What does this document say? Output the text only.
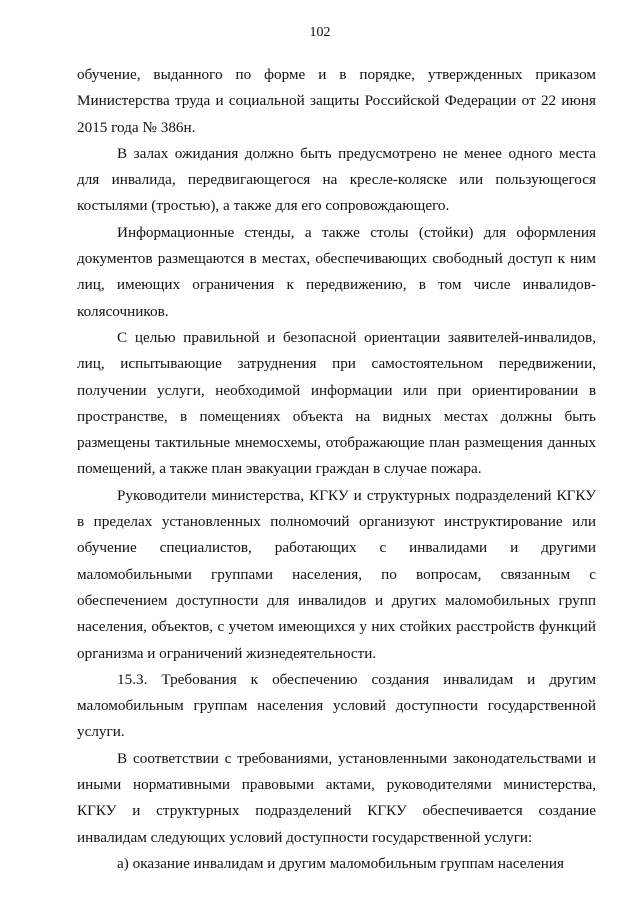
102

обучение, выданного по форме и в порядке, утвержденных приказом Министерства труда и социальной защиты Российской Федерации от 22 июня 2015 года № 386н.

В залах ожидания должно быть предусмотрено не менее одного места для инвалида, передвигающегося на кресле-коляске или пользующегося костылями (тростью), а также для его сопровождающего.

Информационные стенды, а также столы (стойки) для оформления документов размещаются в местах, обеспечивающих свободный доступ к ним лиц, имеющих ограничения к передвижению, в том числе инвалидов-колясочников.

С целью правильной и безопасной ориентации заявителей-инвалидов, лиц, испытывающие затруднения при самостоятельном передвижении, получении услуги, необходимой информации или при ориентировании в пространстве, в помещениях объекта на видных местах должны быть размещены тактильные мнемосхемы, отображающие план размещения данных помещений, а также план эвакуации граждан в случае пожара.

Руководители министерства, КГКУ и структурных подразделений КГКУ в пределах установленных полномочий организуют инструктирование или обучение специалистов, работающих с инвалидами и другими маломобильными группами населения, по вопросам, связанным с обеспечением доступности для инвалидов и других маломобильных групп населения, объектов, с учетом имеющихся у них стойких расстройств функций организма и ограничений жизнедеятельности.

15.3. Требования к обеспечению создания инвалидам и другим маломобильным группам населения условий доступности государственной услуги.

В соответствии с требованиями, установленными законодательствами и иными нормативными правовыми актами, руководителями министерства, КГКУ и структурных подразделений КГКУ обеспечивается создание инвалидам следующих условий доступности государственной услуги:

а) оказание инвалидам и другим маломобильным группам населения
